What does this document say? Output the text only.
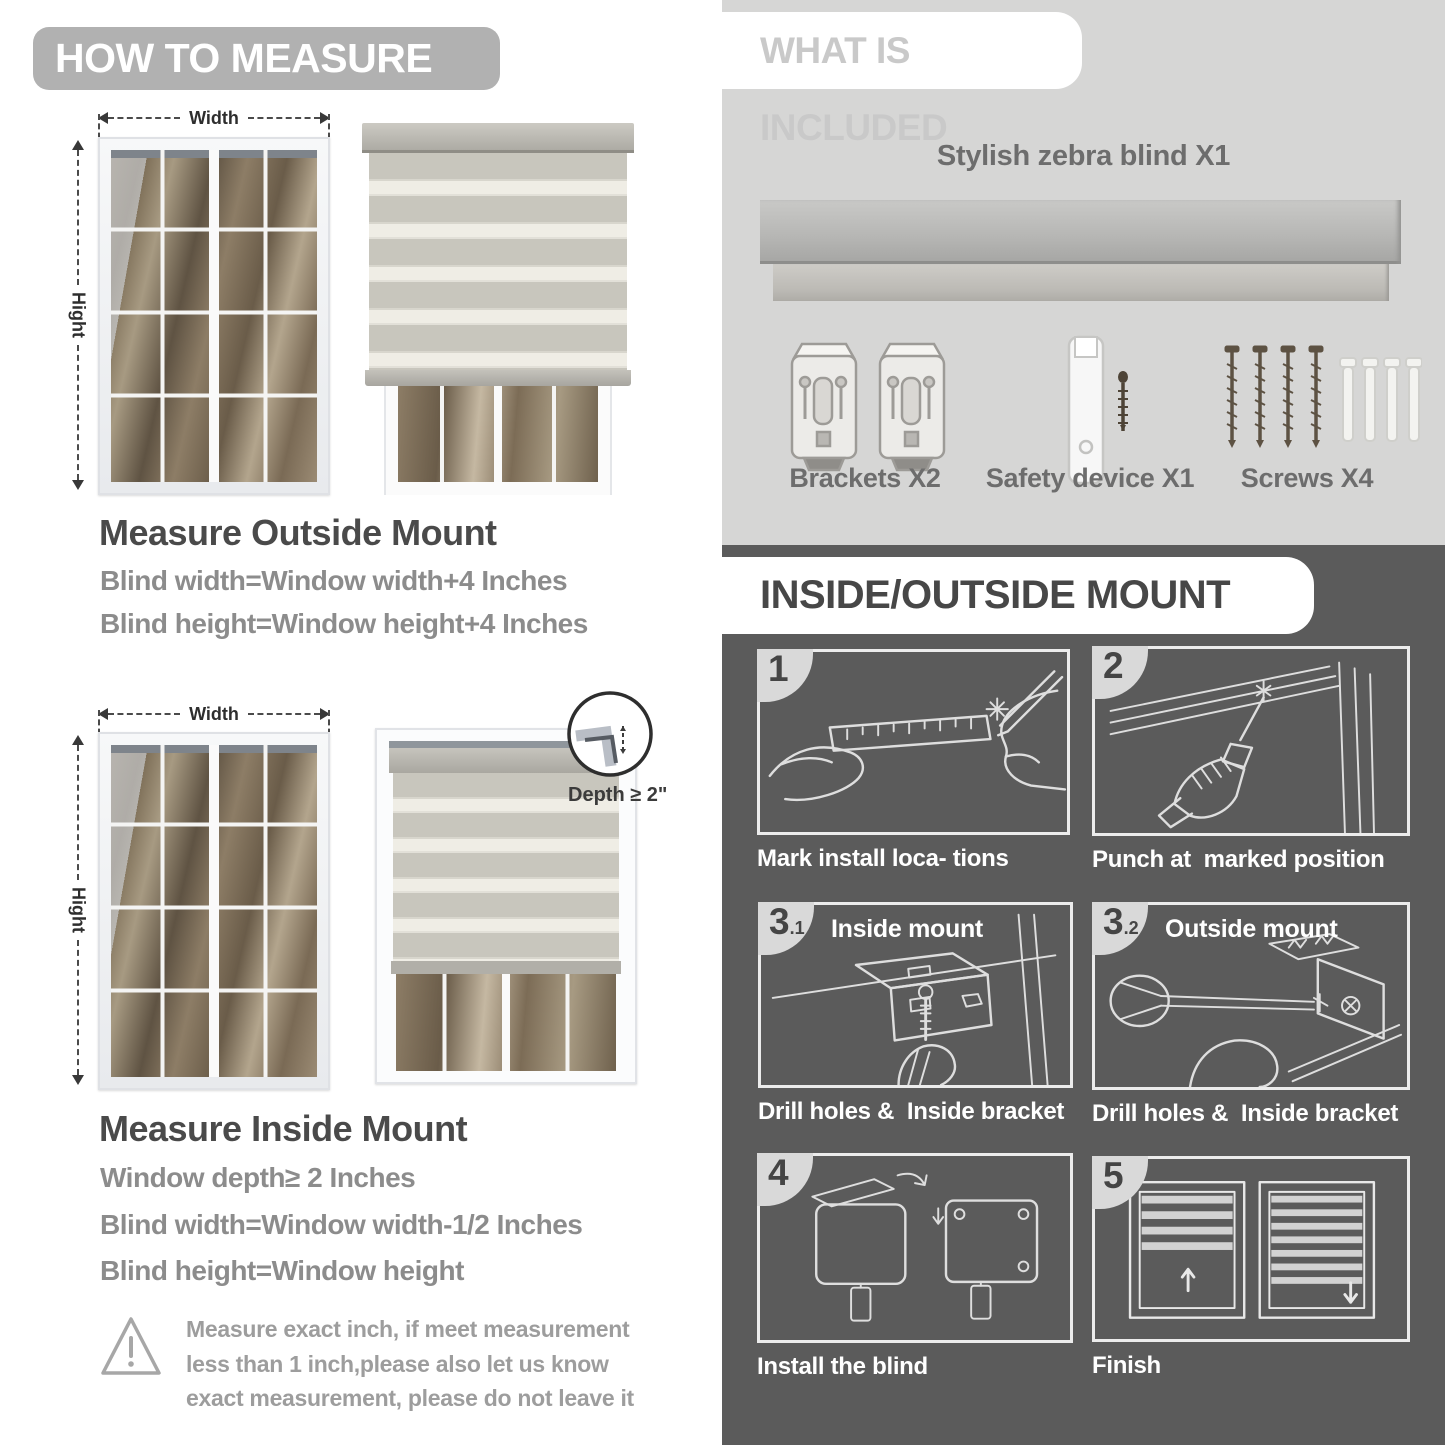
HOW TO MEASURE
Width
Hight
Measure Outside Mount
Blind width=Window width+4 Inches
Blind height=Window height+4 Inches
Width
Hight
Depth ≥ 2"
Measure Inside Mount
Window depth≥ 2 Inches
Blind width=Window width-1/2 Inches
Blind height=Window height
Measure exact inch, if meet measurement less than 1 inch,please also let us know exact measurement, please do not leave it
WHAT IS INCLUDED
Stylish zebra blind X1
Brackets X2	Safety device X1	Screws X4
INSIDE/OUTSIDE MOUNT
1
Mark install loca- tions
2
Punch at  marked position
3 .1 Inside mount
Drill holes &  Inside bracket
3 .2 Outside mount
Drill holes &  Inside bracket
4
Install the blind
5
Finish
